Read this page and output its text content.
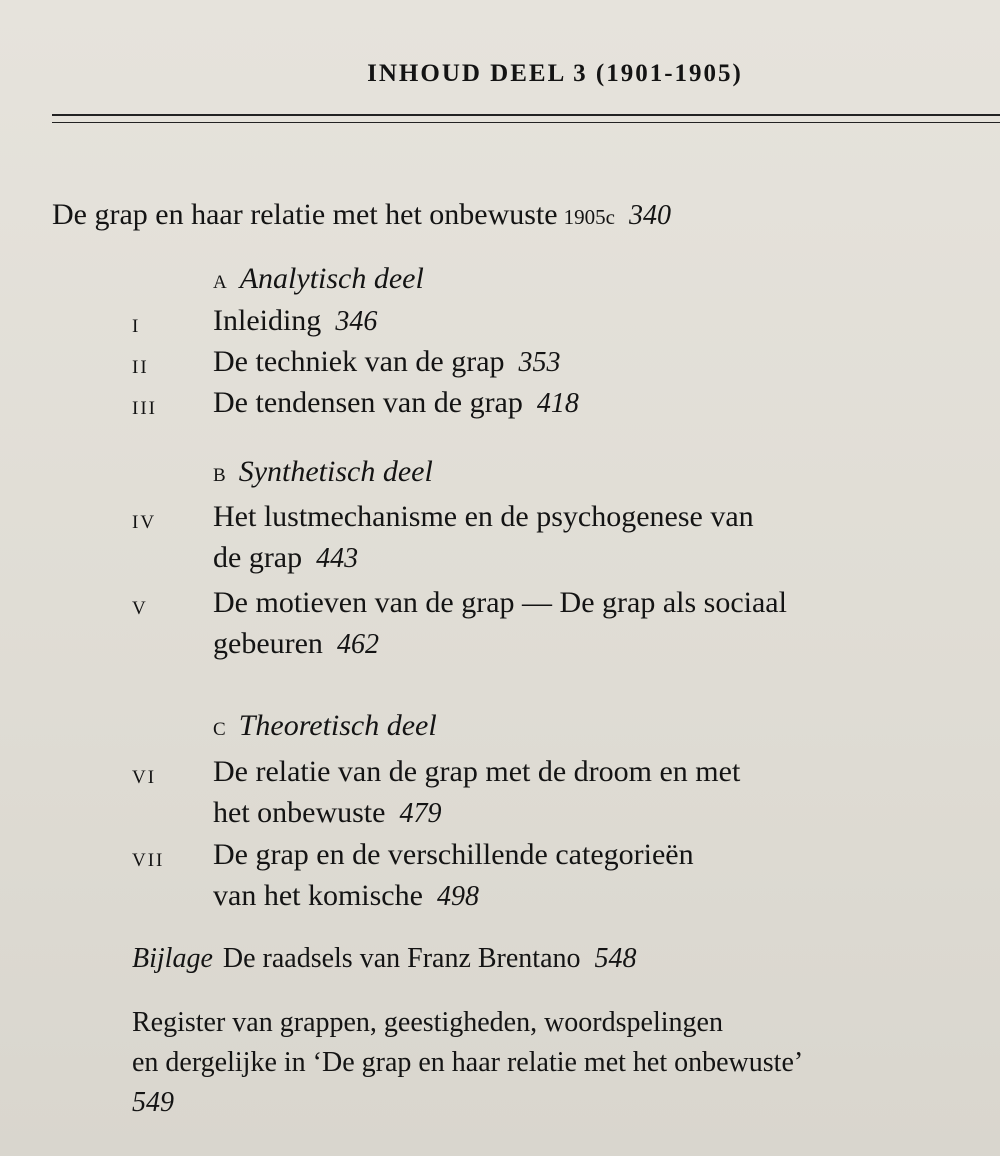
INHOUD DEEL 3 (1901-1905)
De grap en haar relatie met het onbewuste 1905c 340
A Analytisch deel
I Inleiding 346
II De techniek van de grap 353
III De tendensen van de grap 418
B Synthetisch deel
IV Het lustmechanisme en de psychogenese van
de grap 443
V De motieven van de grap — De grap als sociaal
gebeuren 462
C Theoretisch deel
VI De relatie van de grap met de droom en met
het onbewuste 479
VII De grap en de verschillende categorieën
van het komische 498
Bijlage De raadsels van Franz Brentano 548
Register van grappen, geestigheden, woordspelingen
en dergelijke in ‘De grap en haar relatie met het onbewuste’
549
